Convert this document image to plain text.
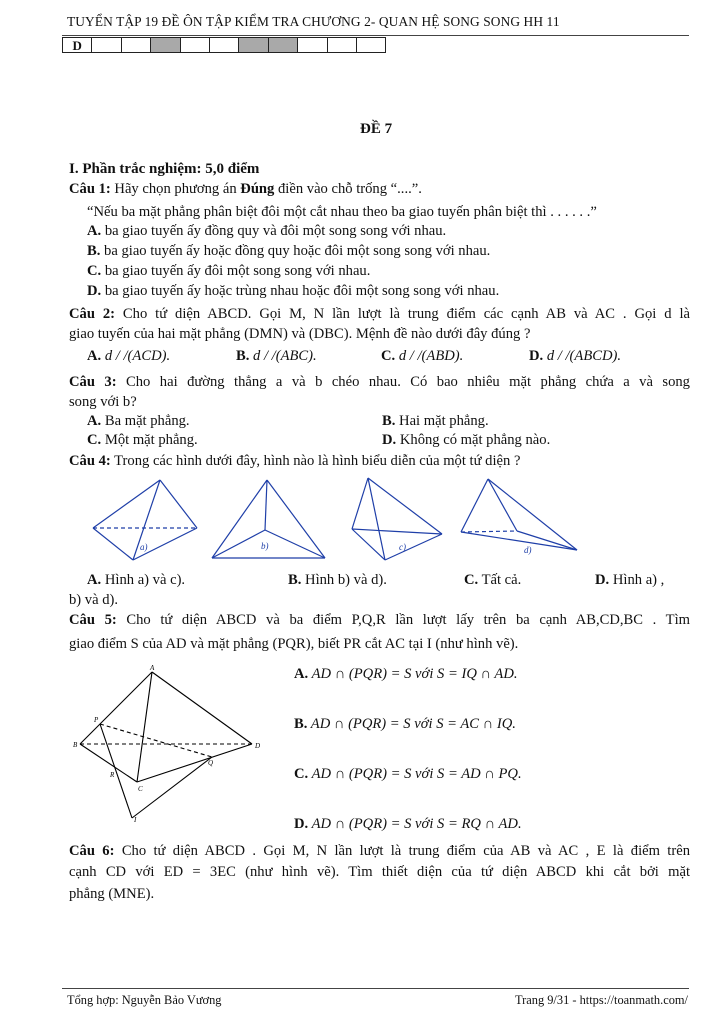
TUYỂN TẬP 19 ĐỀ ÔN TẬP KIỂM TRA CHƯƠNG 2- QUAN HỆ SONG SONG HH 11
D
ĐỀ 7
I. Phần trắc nghiệm: 5,0 điểm
Câu 1: Hãy chọn phương án Đúng điền vào chỗ trống “....”.
“Nếu ba mặt phẳng phân biệt đôi một cắt nhau theo ba giao tuyến phân biệt thì . . . . . .”
A. ba giao tuyến ấy đồng quy và đôi một song song với nhau.
B. ba giao tuyến ấy hoặc đồng quy hoặc đôi một song song với nhau.
C. ba giao tuyến ấy đôi một song song với nhau.
D. ba giao tuyến ấy hoặc trùng nhau hoặc đôi một song song với nhau.
Câu 2: Cho tứ diện ABCD. Gọi M, N lần lượt là trung điểm các cạnh AB và AC . Gọi d là
giao tuyến của hai mặt phẳng (DMN) và (DBC). Mệnh đề nào dưới đây đúng ?
A. d / /(ACD).	B. d / /(ABC).	C. d / /(ABD).	D. d / /(ABCD).
Câu 3: Cho hai đường thẳng a và b chéo nhau. Có bao nhiêu mặt phẳng chứa a và song
song với b?
A. Ba mặt phẳng.	B. Hai mặt phẳng.
C. Một mặt phẳng.	D. Không có mặt phẳng nào.
Câu 4: Trong các hình dưới đây, hình nào là hình biểu diễn của một tứ diện ?
a)	b)	c)	d)
A. Hình a) và c).	B. Hình b) và d).	C. Tất cả.	D. Hình a) ,
b) và d).
Câu 5: Cho tứ diện ABCD và ba điểm P,Q,R lần lượt lấy trên ba cạnh AB,CD,BC . Tìm
giao điểm S của AD và mặt phẳng (PQR), biết PR cắt AC tại I (như hình vẽ).
A
P
B
R
C
I
Q
D
A. AD ∩ (PQR) = S với S = IQ ∩ AD.
B. AD ∩ (PQR) = S với S = AC ∩ IQ.
C. AD ∩ (PQR) = S với S = AD ∩ PQ.
D. AD ∩ (PQR) = S với S = RQ ∩ AD.
Câu 6: Cho tứ diện ABCD . Gọi M, N lần lượt là trung điểm của AB và AC , E là điểm trên
cạnh CD với ED = 3EC (như hình vẽ). Tìm thiết diện của tứ diện ABCD khi cắt bởi mặt
phẳng (MNE).
Tổng hợp: Nguyễn Bảo Vương	Trang 9/31 - https://toanmath.com/
